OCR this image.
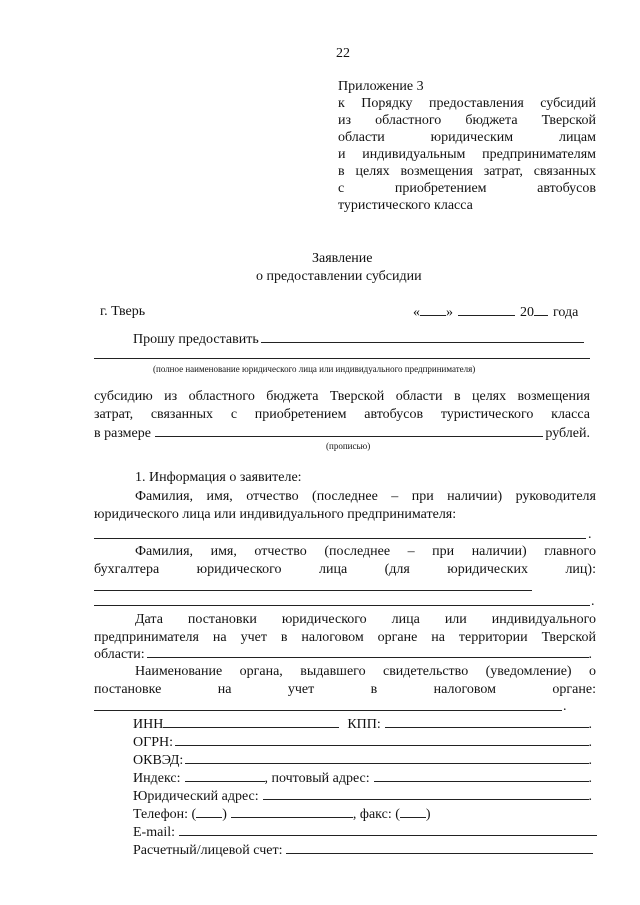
22
Приложение 3
к Порядку предоставления субсидий
из областного бюджета Тверской
области	юридическим	лицам
и индивидуальным предпринимателям
в целях возмещения затрат, связанных
с	приобретением	автобусов
туристического класса
Заявление
о предоставлении субсидии
г. Тверь	« »	20 года
Прошу предоставить
(полное наименование юридического лица или индивидуального предпринимателя)
субсидию из областного бюджета Тверской области в целях возмещения
затрат, связанных с приобретением автобусов туристического класса
в размере	рублей.
(прописью)
1. Информация о заявителе:
Фамилия, имя, отчество (последнее – при наличии) руководителя
юридического лица или индивидуального предпринимателя:
.
Фамилия, имя, отчество (последнее – при наличии) главного
бухгалтера	юридического	лица	(для	юридических	лиц):
.
Дата постановки юридического лица или индивидуального
предпринимателя на учет в налоговом органе на территории Тверской
области:	.
Наименование органа, выдавшего свидетельство (уведомление) о
постановке	на	учет	в	налоговом	органе:
.
ИНН	КПП:	.
ОГРН:	.
ОКВЭД:	.
Индекс:	, почтовый адрес:	.
Юридический адрес:	.
Телефон: ( )	, факс: ( )
E-mail:
Расчетный/лицевой счет:
